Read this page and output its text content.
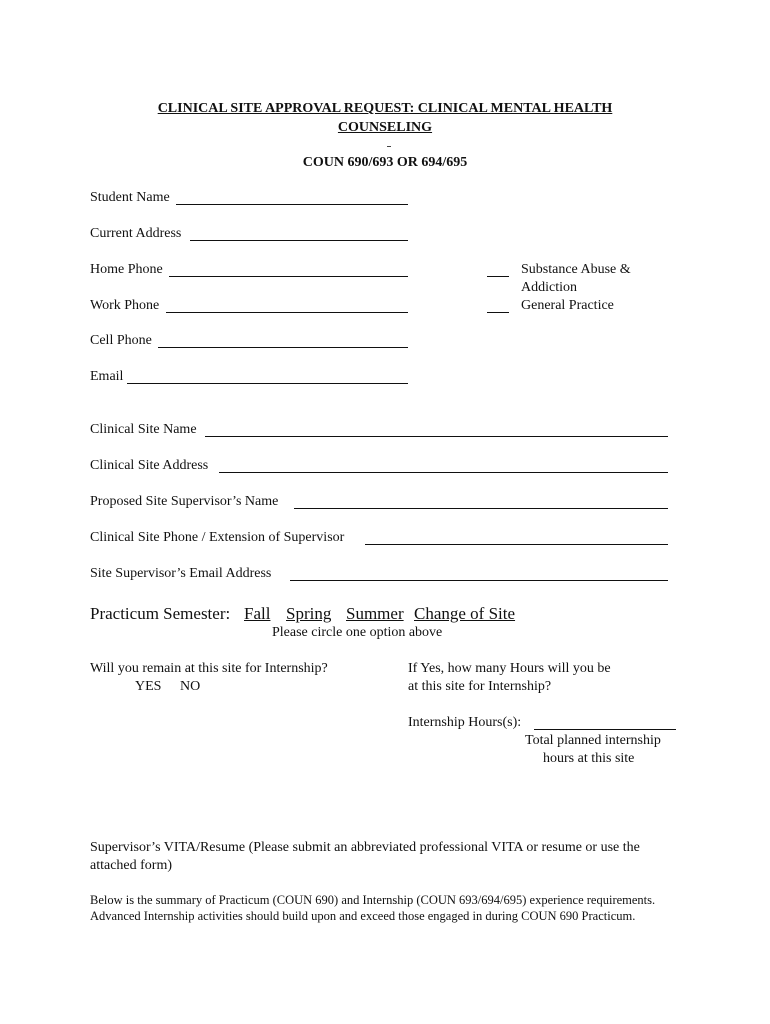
CLINICAL SITE APPROVAL REQUEST: CLINICAL MENTAL HEALTH
COUNSELING
COUN 690/693 OR 694/695
Student Name
Current Address
Home Phone
Work Phone
Cell Phone
Email
Substance Abuse &
Addiction
General Practice
Clinical Site Name
Clinical Site Address
Proposed Site Supervisor’s Name
Clinical Site Phone / Extension of Supervisor
Site Supervisor’s Email Address
Practicum Semester: Fall Spring Summer Change of Site
Please circle one option above
Will you remain at this site for Internship?
YES NO
If Yes, how many Hours will you be
at this site for Internship?
Internship Hours(s):
Total planned internship
hours at this site
Supervisor’s VITA/Resume (Please submit an abbreviated professional VITA or resume or use the attached form)
Below is the summary of Practicum (COUN 690) and Internship (COUN 693/694/695) experience requirements. Advanced Internship activities should build upon and exceed those engaged in during COUN 690 Practicum.
